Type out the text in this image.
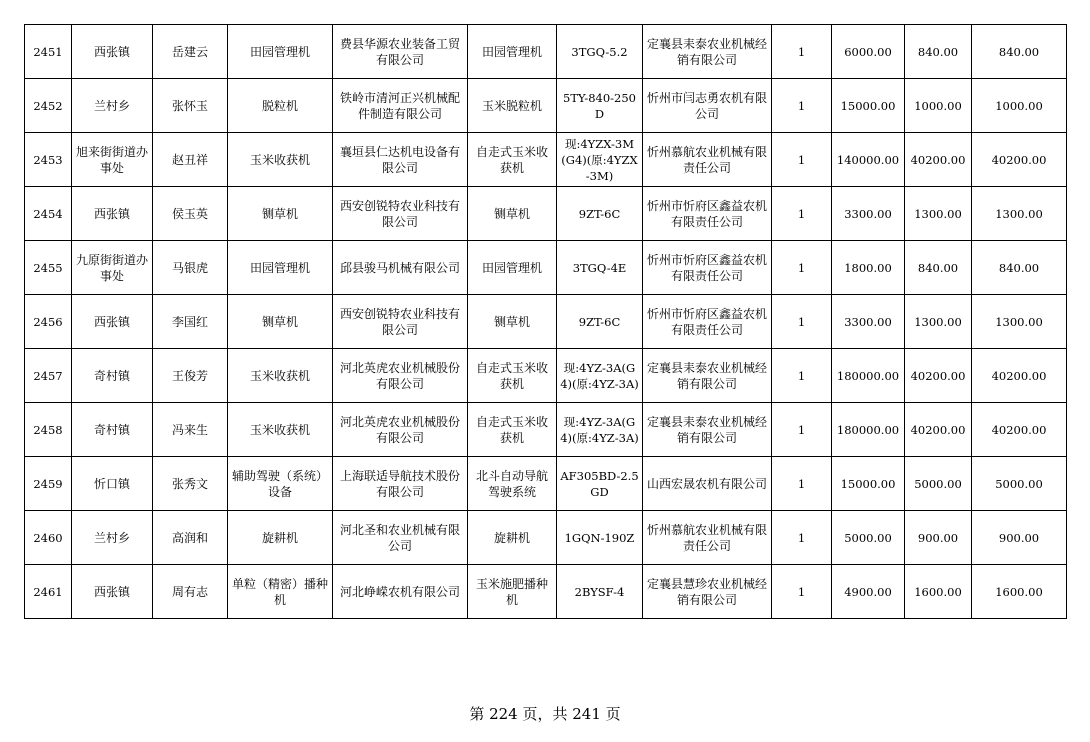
2451	西张镇	岳建云	田园管理机	费县华源农业装备工贸有限公司	田园管理机	3TGQ-5.2	定襄县耒泰农业机械经销有限公司	1	6000.00	840.00	840.00
2452	兰村乡	张怀玉	脱粒机	铁岭市清河正兴机械配件制造有限公司	玉米脱粒机	5TY-840-250D	忻州市闫志勇农机有限公司	1	15000.00	1000.00	1000.00
2453	旭来街街道办事处	赵丑祥	玉米收获机	襄垣县仁达机电设备有限公司	自走式玉米收获机	现:4YZX-3M(G4)(原:4YZX-3M)	忻州慕航农业机械有限责任公司	1	140000.00	40200.00	40200.00
2454	西张镇	侯玉英	铡草机	西安创锐特农业科技有限公司	铡草机	9ZT-6C	忻州市忻府区鑫益农机有限责任公司	1	3300.00	1300.00	1300.00
2455	九原街街道办事处	马银虎	田园管理机	邱县骏马机械有限公司	田园管理机	3TGQ-4E	忻州市忻府区鑫益农机有限责任公司	1	1800.00	840.00	840.00
2456	西张镇	李国红	铡草机	西安创锐特农业科技有限公司	铡草机	9ZT-6C	忻州市忻府区鑫益农机有限责任公司	1	3300.00	1300.00	1300.00
2457	奇村镇	王俊芳	玉米收获机	河北英虎农业机械股份有限公司	自走式玉米收获机	现:4YZ-3A(G4)(原:4YZ-3A)	定襄县耒泰农业机械经销有限公司	1	180000.00	40200.00	40200.00
2458	奇村镇	冯来生	玉米收获机	河北英虎农业机械股份有限公司	自走式玉米收获机	现:4YZ-3A(G4)(原:4YZ-3A)	定襄县耒泰农业机械经销有限公司	1	180000.00	40200.00	40200.00
2459	忻口镇	张秀文	辅助驾驶（系统）设备	上海联适导航技术股份有限公司	北斗自动导航驾驶系统	AF305BD-2.5GD	山西宏晟农机有限公司	1	15000.00	5000.00	5000.00
2460	兰村乡	高润和	旋耕机	河北圣和农业机械有限公司	旋耕机	1GQN-190Z	忻州慕航农业机械有限责任公司	1	5000.00	900.00	900.00
2461	西张镇	周有志	单粒（精密）播种机	河北峥嵘农机有限公司	玉米施肥播种机	2BYSF-4	定襄县慧珍农业机械经销有限公司	1	4900.00	1600.00	1600.00
第 224 页，共 241 页
